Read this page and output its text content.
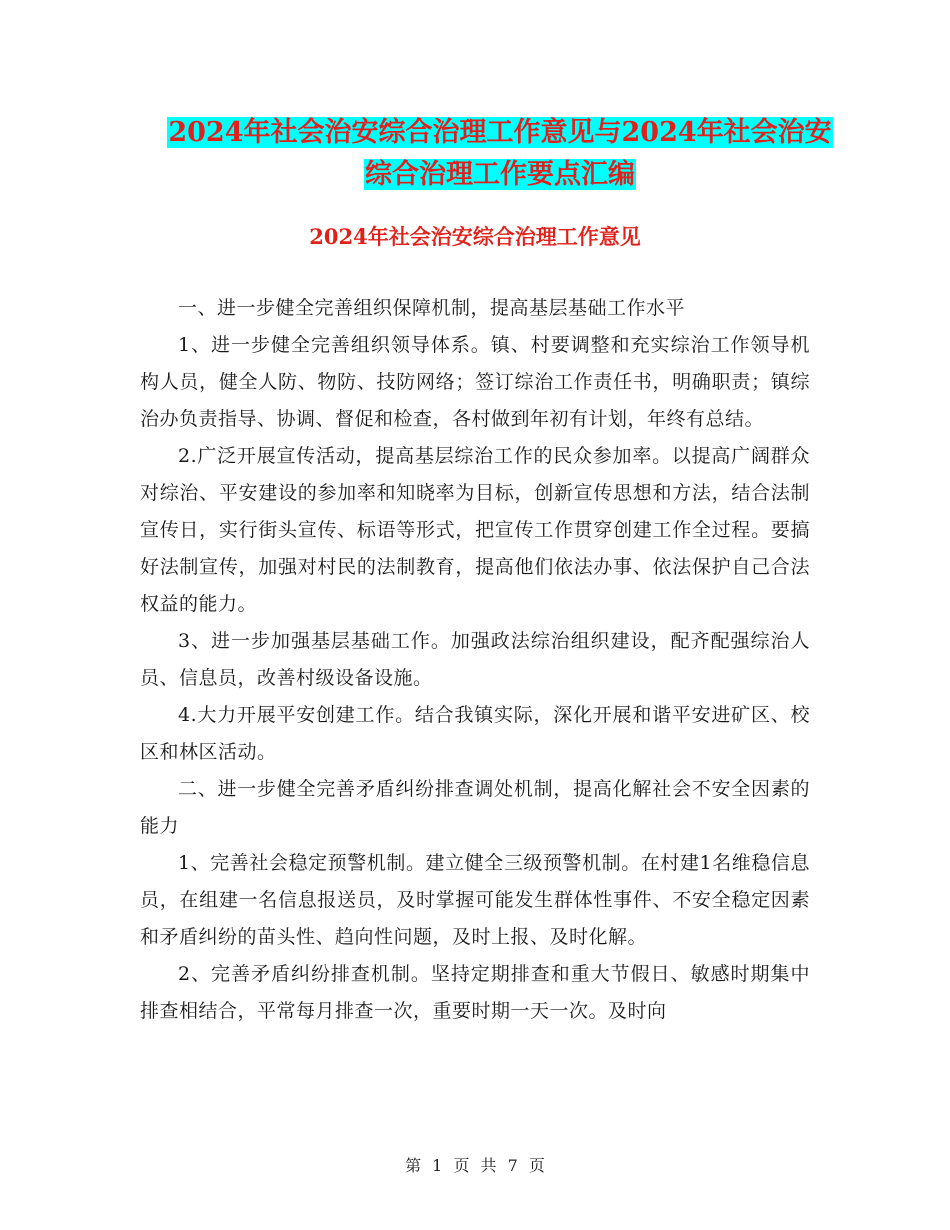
2024年社会治安综合治理工作意见与2024年社会治安
综合治理工作要点汇编
2024年社会治安综合治理工作意见

一、进一步健全完善组织保障机制，提高基层基础工作水平

1、进一步健全完善组织领导体系。镇、村要调整和充实综治工作领导机构人员，健全人防、物防、技防网络；签订综治工作责任书，明确职责；镇综治办负责指导、协调、督促和检查，各村做到年初有计划，年终有总结。

2.广泛开展宣传活动，提高基层综治工作的民众参加率。以提高广阔群众对综治、平安建设的参加率和知晓率为目标，创新宣传思想和方法，结合法制宣传日，实行街头宣传、标语等形式，把宣传工作贯穿创建工作全过程。要搞好法制宣传，加强对村民的法制教育，提高他们依法办事、依法保护自己合法权益的能力。

3、进一步加强基层基础工作。加强政法综治组织建设，配齐配强综治人员、信息员，改善村级设备设施。

4.大力开展平安创建工作。结合我镇实际，深化开展和谐平安进矿区、校区和林区活动。

二、进一步健全完善矛盾纠纷排查调处机制，提高化解社会不安全因素的能力

1、完善社会稳定预警机制。建立健全三级预警机制。在村建1名维稳信息员，在组建一名信息报送员，及时掌握可能发生群体性事件、不安全稳定因素和矛盾纠纷的苗头性、趋向性问题，及时上报、及时化解。

2、完善矛盾纠纷排查机制。坚持定期排查和重大节假日、敏感时期集中排查相结合，平常每月排查一次，重要时期一天一次。及时向

第 1 页 共 7 页
